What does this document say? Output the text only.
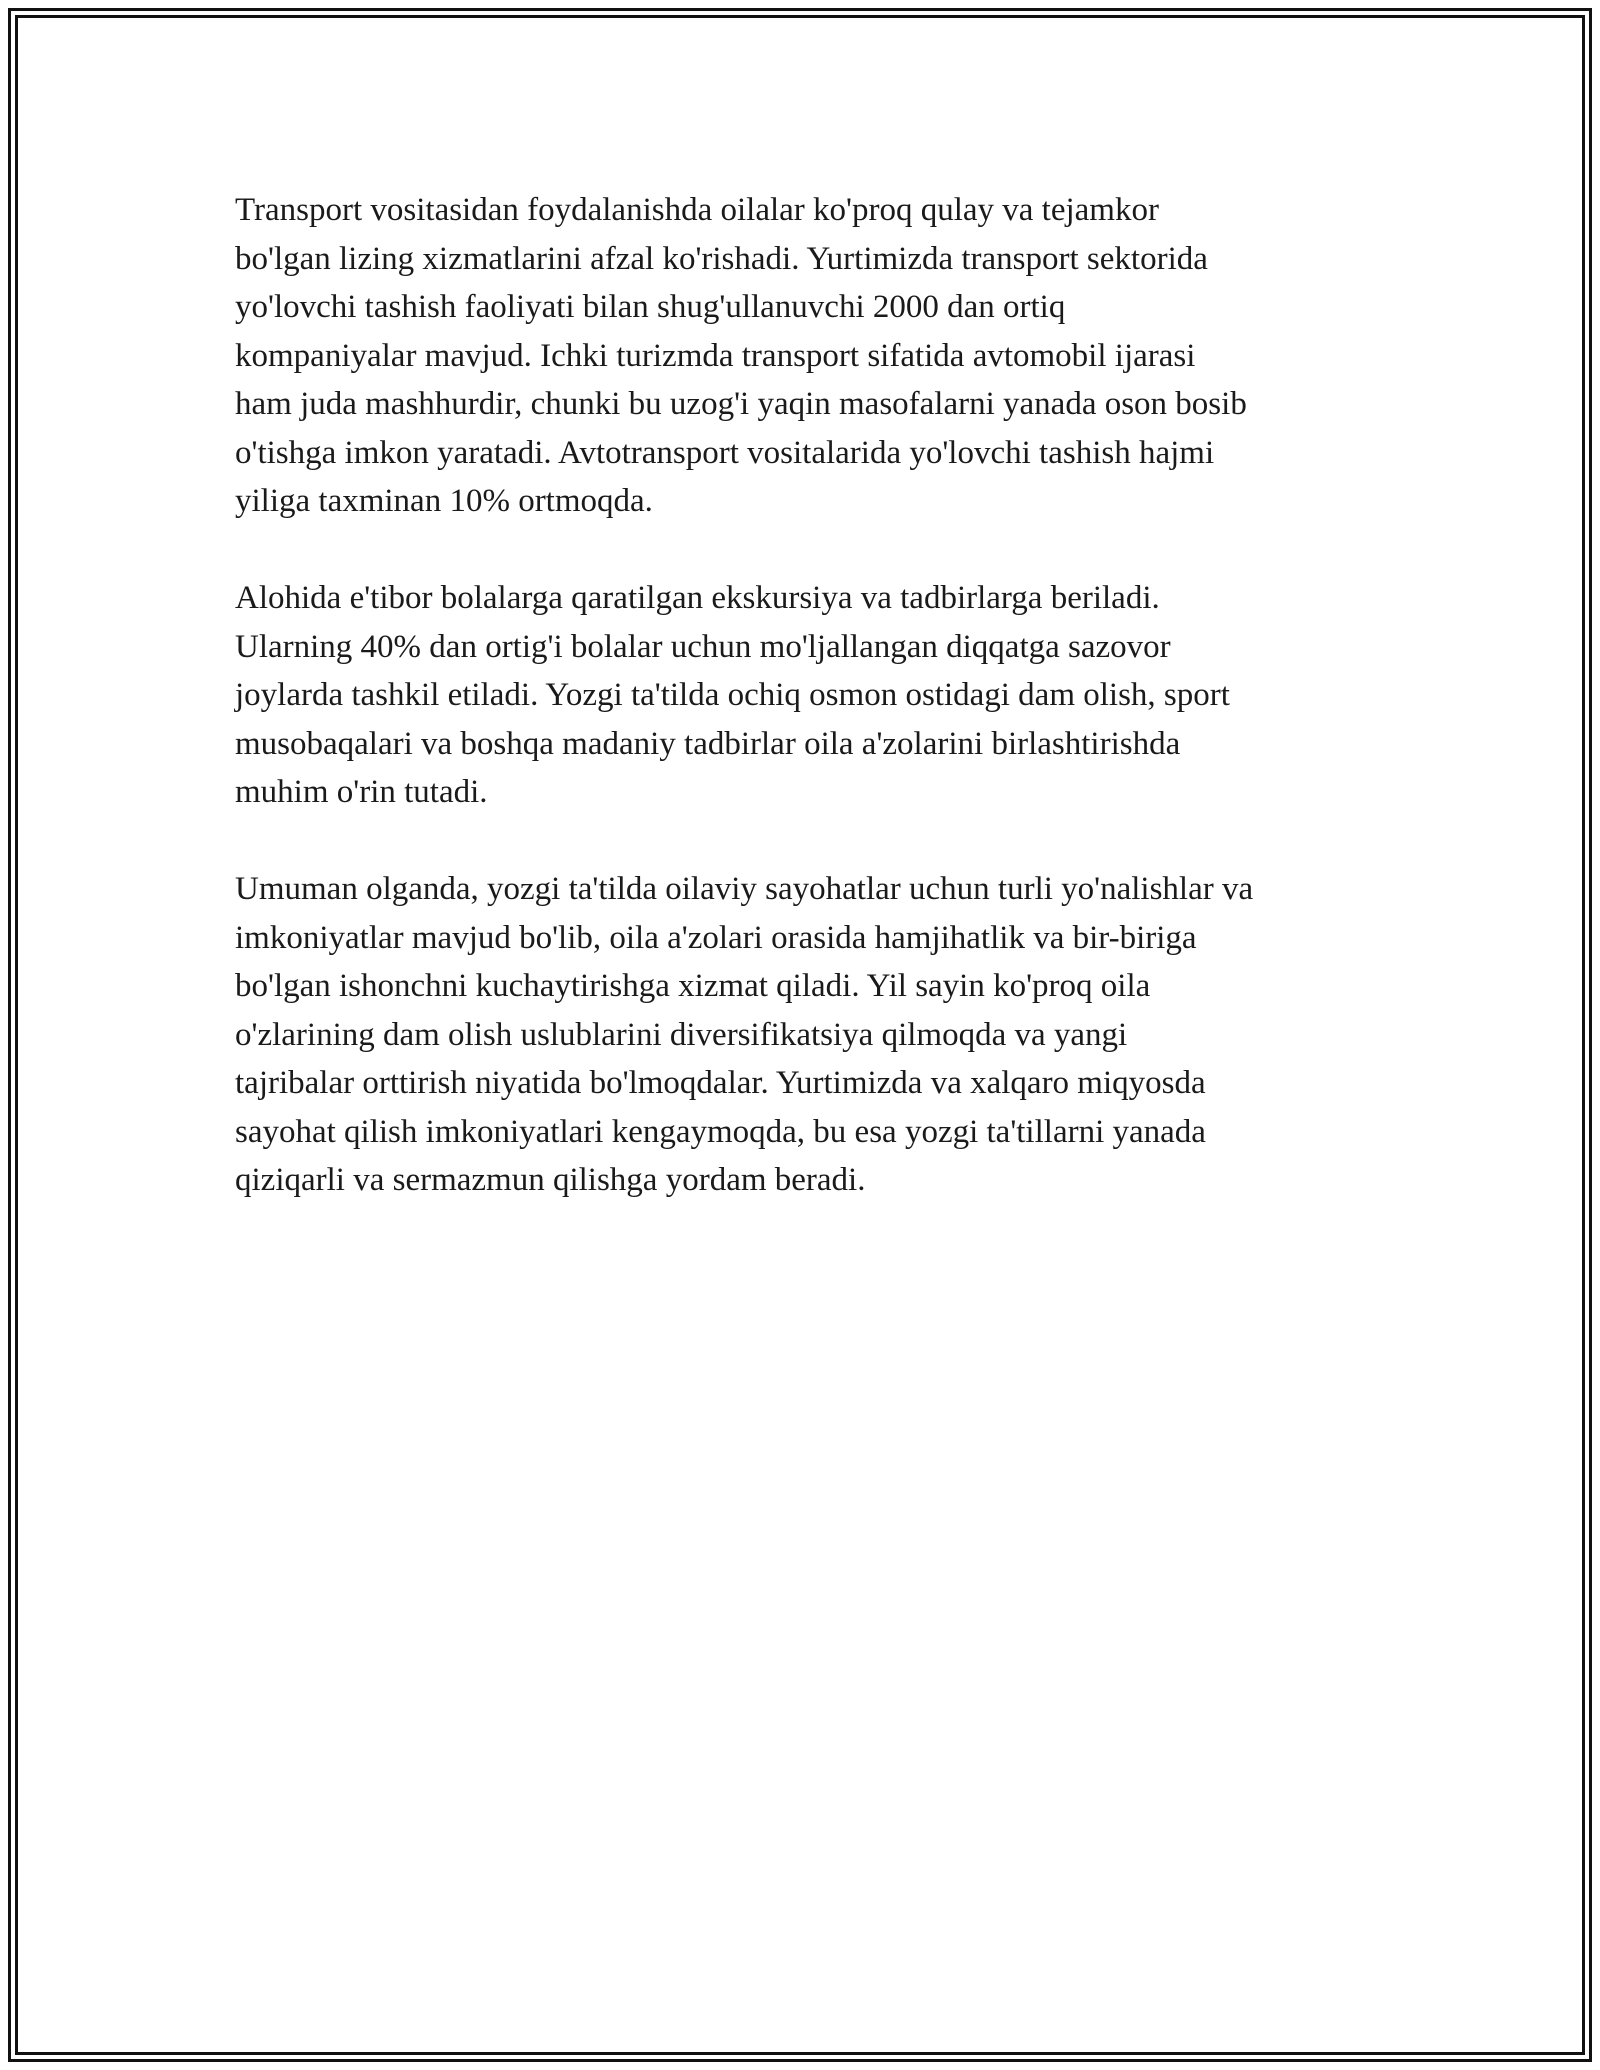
Transport vositasidan foydalanishda oilalar ko'proq qulay va tejamkor
bo'lgan lizing xizmatlarini afzal ko'rishadi. Yurtimizda transport sektorida
yo'lovchi tashish faoliyati bilan shug'ullanuvchi 2000 dan ortiq
kompaniyalar mavjud. Ichki turizmda transport sifatida avtomobil ijarasi
ham juda mashhurdir, chunki bu uzog'i yaqin masofalarni yanada oson bosib
o'tishga imkon yaratadi. Avtotransport vositalarida yo'lovchi tashish hajmi
yiliga taxminan 10% ortmoqda.

Alohida e'tibor bolalarga qaratilgan ekskursiya va tadbirlarga beriladi.
Ularning 40% dan ortig'i bolalar uchun mo'ljallangan diqqatga sazovor
joylarda tashkil etiladi. Yozgi ta'tilda ochiq osmon ostidagi dam olish, sport
musobaqalari va boshqa madaniy tadbirlar oila a'zolarini birlashtirishda
muhim o'rin tutadi.

Umuman olganda, yozgi ta'tilda oilaviy sayohatlar uchun turli yo'nalishlar va
imkoniyatlar mavjud bo'lib, oila a'zolari orasida hamjihatlik va bir-biriga
bo'lgan ishonchni kuchaytirishga xizmat qiladi. Yil sayin ko'proq oila
o'zlarining dam olish uslublarini diversifikatsiya qilmoqda va yangi
tajribalar orttirish niyatida bo'lmoqdalar. Yurtimizda va xalqaro miqyosda
sayohat qilish imkoniyatlari kengaymoqda, bu esa yozgi ta'tillarni yanada
qiziqarli va sermazmun qilishga yordam beradi.
